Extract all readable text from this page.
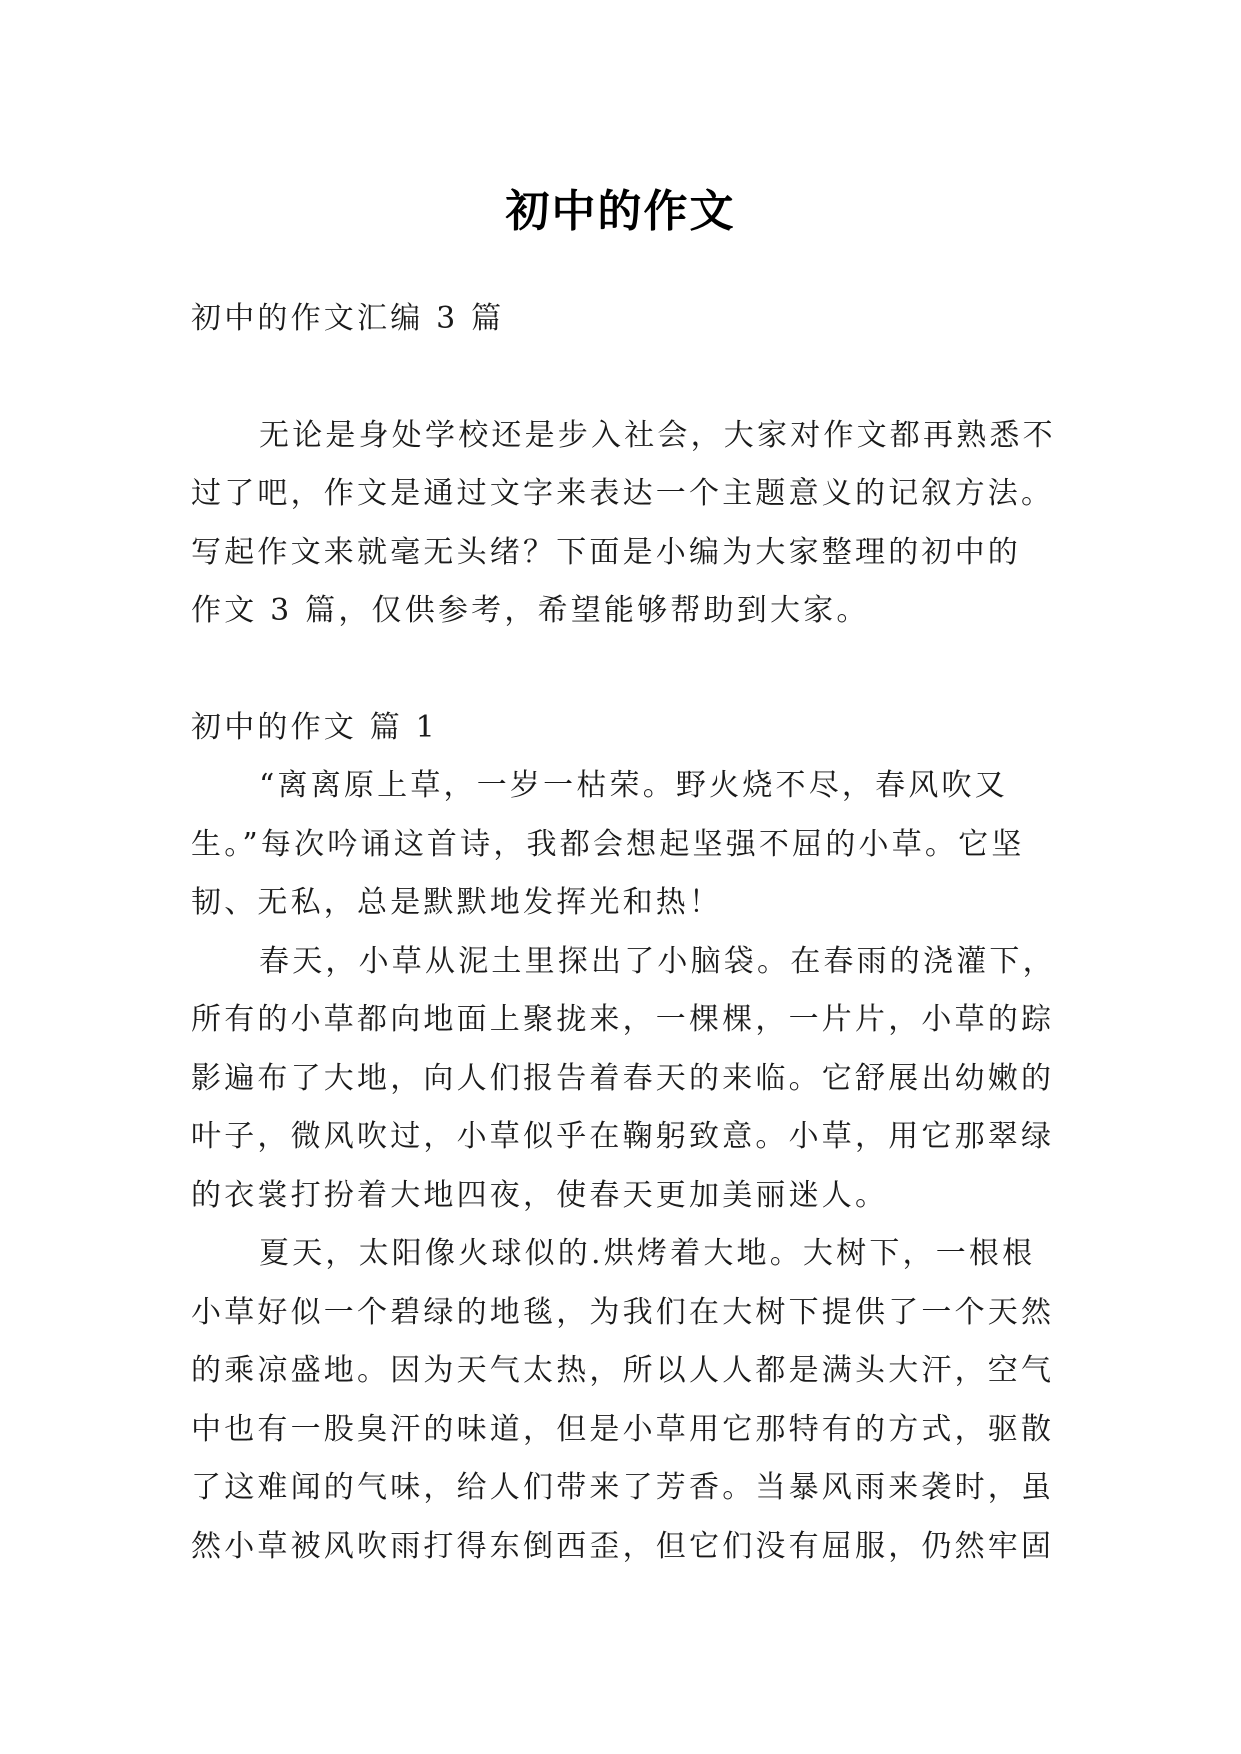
初中的作文

初中的作文汇编 3 篇

无论是身处学校还是步入社会，大家对作文都再熟悉不

过了吧，作文是通过文字来表达一个主题意义的记叙方法。

写起作文来就毫无头绪？下面是小编为大家整理的初中的

作文 3 篇，仅供参考，希望能够帮助到大家。

初中的作文 篇 1

“离离原上草，一岁一枯荣。野火烧不尽，春风吹又

生。”每次吟诵这首诗，我都会想起坚强不屈的小草。它坚

韧、无私，总是默默地发挥光和热！

春天，小草从泥土里探出了小脑袋。在春雨的浇灌下，

所有的小草都向地面上聚拢来，一棵棵，一片片，小草的踪

影遍布了大地，向人们报告着春天的来临。它舒展出幼嫩的

叶子，微风吹过，小草似乎在鞠躬致意。小草，用它那翠绿

的衣裳打扮着大地四夜，使春天更加美丽迷人。

夏天，太阳像火球似的.烘烤着大地。大树下，一根根

小草好似一个碧绿的地毯，为我们在大树下提供了一个天然

的乘凉盛地。因为天气太热，所以人人都是满头大汗，空气

中也有一股臭汗的味道，但是小草用它那特有的方式，驱散

了这难闻的气味，给人们带来了芳香。当暴风雨来袭时，虽

然小草被风吹雨打得东倒西歪，但它们没有屈服，仍然牢固
